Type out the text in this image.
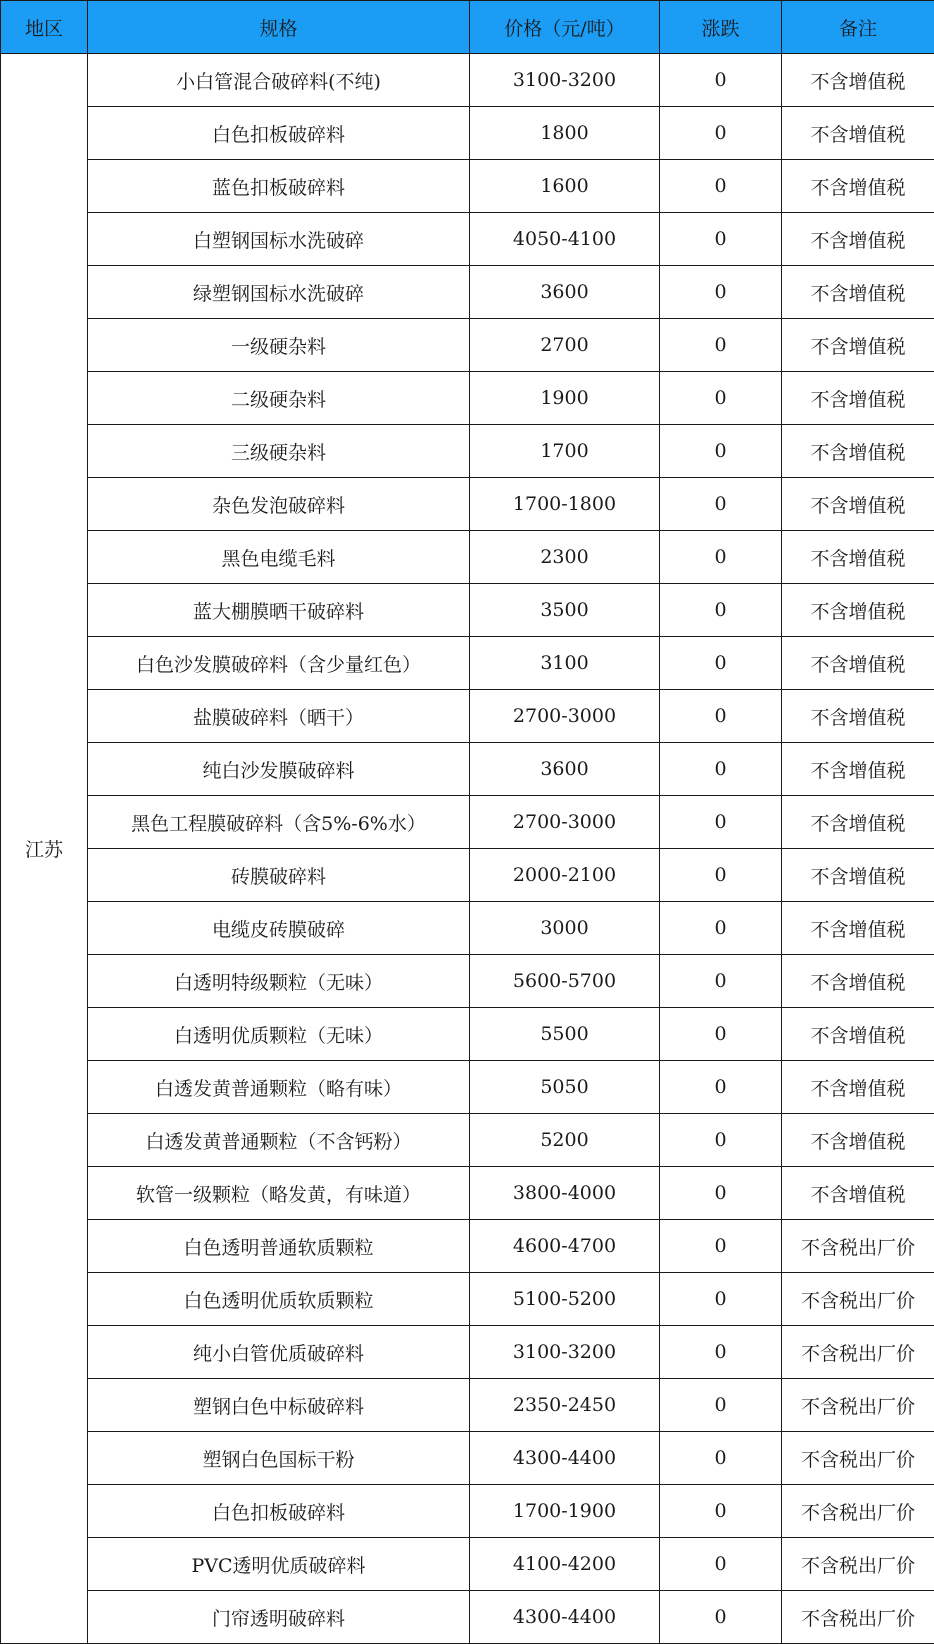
地区	规格	价格（元/吨）	涨跌	备注
江苏	小白管混合破碎料(不纯)	3100-3200	0	不含增值税
	白色扣板破碎料	1800	0	不含增值税
	蓝色扣板破碎料	1600	0	不含增值税
	白塑钢国标水洗破碎	4050-4100	0	不含增值税
	绿塑钢国标水洗破碎	3600	0	不含增值税
	一级硬杂料	2700	0	不含增值税
	二级硬杂料	1900	0	不含增值税
	三级硬杂料	1700	0	不含增值税
	杂色发泡破碎料	1700-1800	0	不含增值税
	黑色电缆毛料	2300	0	不含增值税
	蓝大棚膜晒干破碎料	3500	0	不含增值税
	白色沙发膜破碎料（含少量红色）	3100	0	不含增值税
	盐膜破碎料（晒干）	2700-3000	0	不含增值税
	纯白沙发膜破碎料	3600	0	不含增值税
	黑色工程膜破碎料（含5%-6%水）	2700-3000	0	不含增值税
	砖膜破碎料	2000-2100	0	不含增值税
	电缆皮砖膜破碎	3000	0	不含增值税
	白透明特级颗粒（无味）	5600-5700	0	不含增值税
	白透明优质颗粒（无味）	5500	0	不含增值税
	白透发黄普通颗粒（略有味）	5050	0	不含增值税
	白透发黄普通颗粒（不含钙粉）	5200	0	不含增值税
	软管一级颗粒（略发黄，有味道）	3800-4000	0	不含增值税
	白色透明普通软质颗粒	4600-4700	0	不含税出厂价
	白色透明优质软质颗粒	5100-5200	0	不含税出厂价
	纯小白管优质破碎料	3100-3200	0	不含税出厂价
	塑钢白色中标破碎料	2350-2450	0	不含税出厂价
	塑钢白色国标干粉	4300-4400	0	不含税出厂价
	白色扣板破碎料	1700-1900	0	不含税出厂价
	PVC透明优质破碎料	4100-4200	0	不含税出厂价
	门帘透明破碎料	4300-4400	0	不含税出厂价
